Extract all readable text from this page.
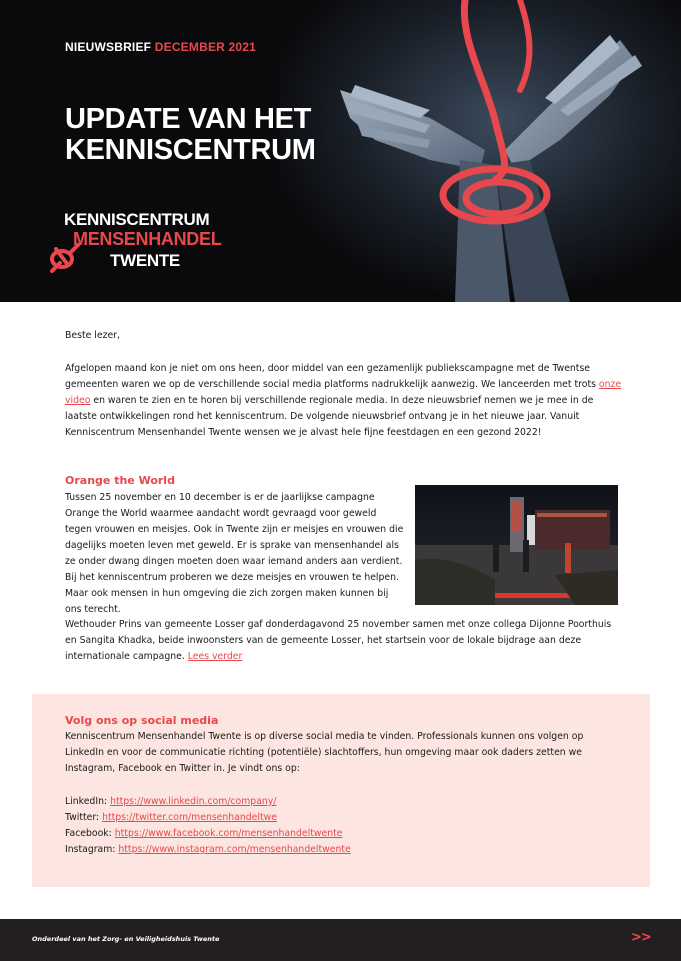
NIEUWSBRIEF DECEMBER 2021
UPDATE VAN HET
KENNISCENTRUM
KENNISCENTRUM
MENSENHANDEL
TWENTE

Beste lezer,

Afgelopen maand kon je niet om ons heen, door middel van een gezamenlijk publiekscampagne met de Twentse gemeenten waren we op de verschillende social media platforms nadrukkelijk aanwezig. We lanceerden met trots onze video en waren te zien en te horen bij verschillende regionale media. In deze nieuwsbrief nemen we je mee in de laatste ontwikkelingen rond het kenniscentrum. De volgende nieuwsbrief ontvang je in het nieuwe jaar. Vanuit Kenniscentrum Mensenhandel Twente wensen we je alvast hele fijne feestdagen en een gezond 2022!

Orange the World

Tussen 25 november en 10 december is er de jaarlijkse campagne Orange the World waarmee aandacht wordt gevraagd voor geweld tegen vrouwen en meisjes. Ook in Twente zijn er meisjes en vrouwen die dagelijks moeten leven met geweld. Er is sprake van mensenhandel als ze onder dwang dingen moeten doen waar iemand anders aan verdient. Bij het kenniscentrum proberen we deze meisjes en vrouwen te helpen. Maar ook mensen in hun omgeving die zich zorgen maken kunnen bij ons terecht.

Wethouder Prins van gemeente Losser gaf donderdagavond 25 november samen met onze collega Dijonne Poorthuis en Sangita Khadka, beide inwoonsters van de gemeente Losser, het startsein voor de lokale bijdrage aan deze internationale campagne. Lees verder

Volg ons op social media

Kenniscentrum Mensenhandel Twente is op diverse social media te vinden. Professionals kunnen ons volgen op LinkedIn en voor de communicatie richting (potentiële) slachtoffers, hun omgeving maar ook daders zetten we Instagram, Facebook en Twitter in. Je vindt ons op:

LinkedIn: https://www.linkedin.com/company/
Twitter: https://twitter.com/mensenhandeltwe
Facebook: https://www.facebook.com/mensenhandeltwente
Instagram: https://www.instagram.com/mensenhandeltwente
Onderdeel van het Zorg- en Veiligheidshuis Twente	>>
